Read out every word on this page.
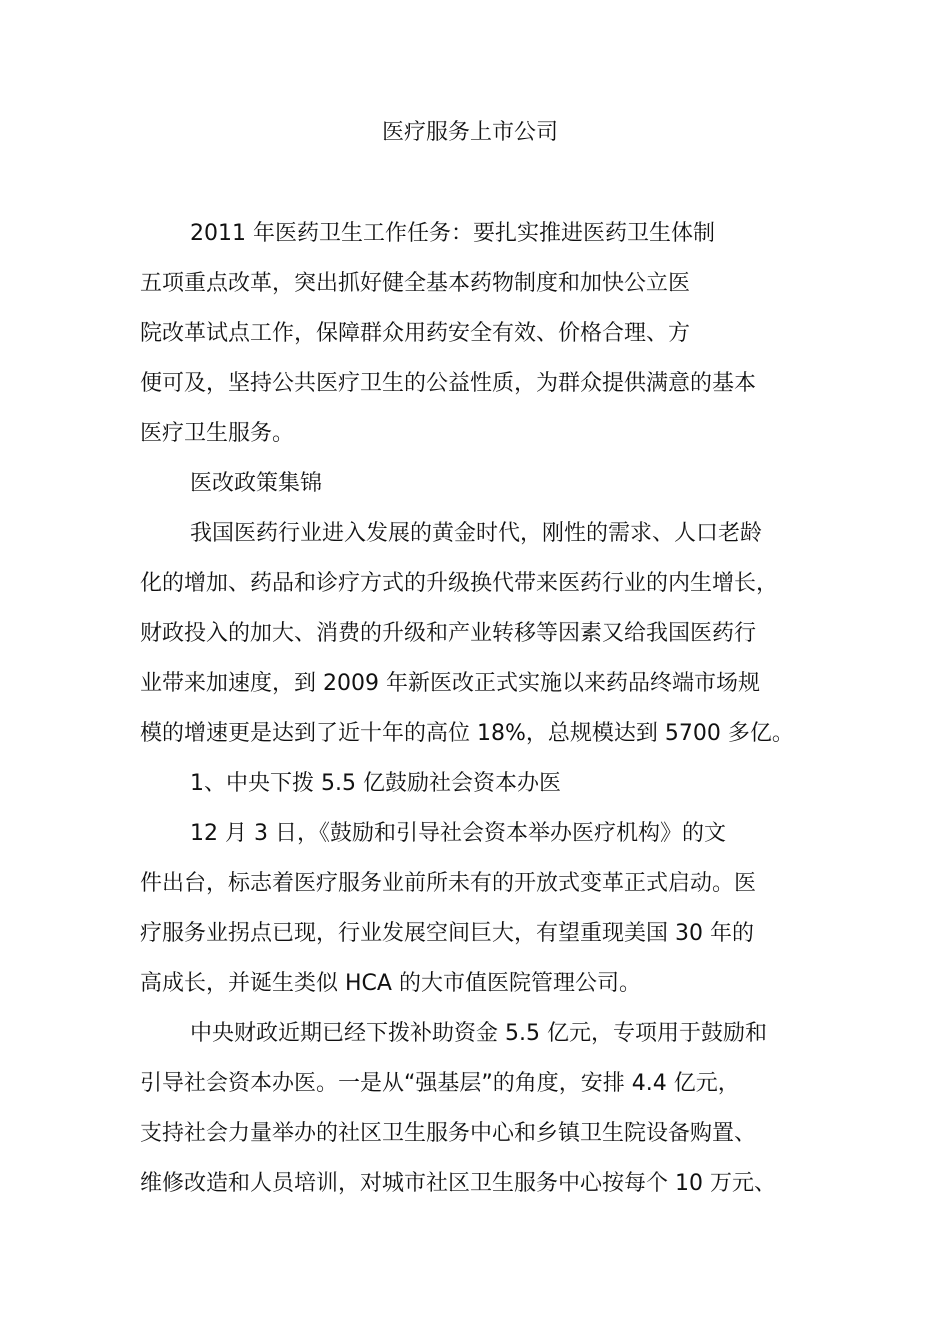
医疗服务上市公司
2011 年医药卫生工作任务：要扎实推进医药卫生体制
五项重点改革，突出抓好健全基本药物制度和加快公立医
院改革试点工作，保障群众用药安全有效、价格合理、方
便可及，坚持公共医疗卫生的公益性质，为群众提供满意的基本
医疗卫生服务。
医改政策集锦
我国医药行业进入发展的黄金时代，刚性的需求、人口老龄
化的增加、药品和诊疗方式的升级换代带来医药行业的内生增长，
财政投入的加大、消费的升级和产业转移等因素又给我国医药行
业带来加速度，到 2009 年新医改正式实施以来药品终端市场规
模的增速更是达到了近十年的高位 18%，总规模达到 5700 多亿。
1、中央下拨 5.5 亿鼓励社会资本办医
12 月 3 日，《鼓励和引导社会资本举办医疗机构》的文
件出台，标志着医疗服务业前所未有的开放式变革正式启动。医
疗服务业拐点已现，行业发展空间巨大，有望重现美国 30 年的
高成长，并诞生类似 HCA 的大市值医院管理公司。
中央财政近期已经下拨补助资金 5.5 亿元，专项用于鼓励和
引导社会资本办医。一是从“强基层”的角度，安排 4.4 亿元，
支持社会力量举办的社区卫生服务中心和乡镇卫生院设备购置、
维修改造和人员培训，对城市社区卫生服务中心按每个 10 万元、
